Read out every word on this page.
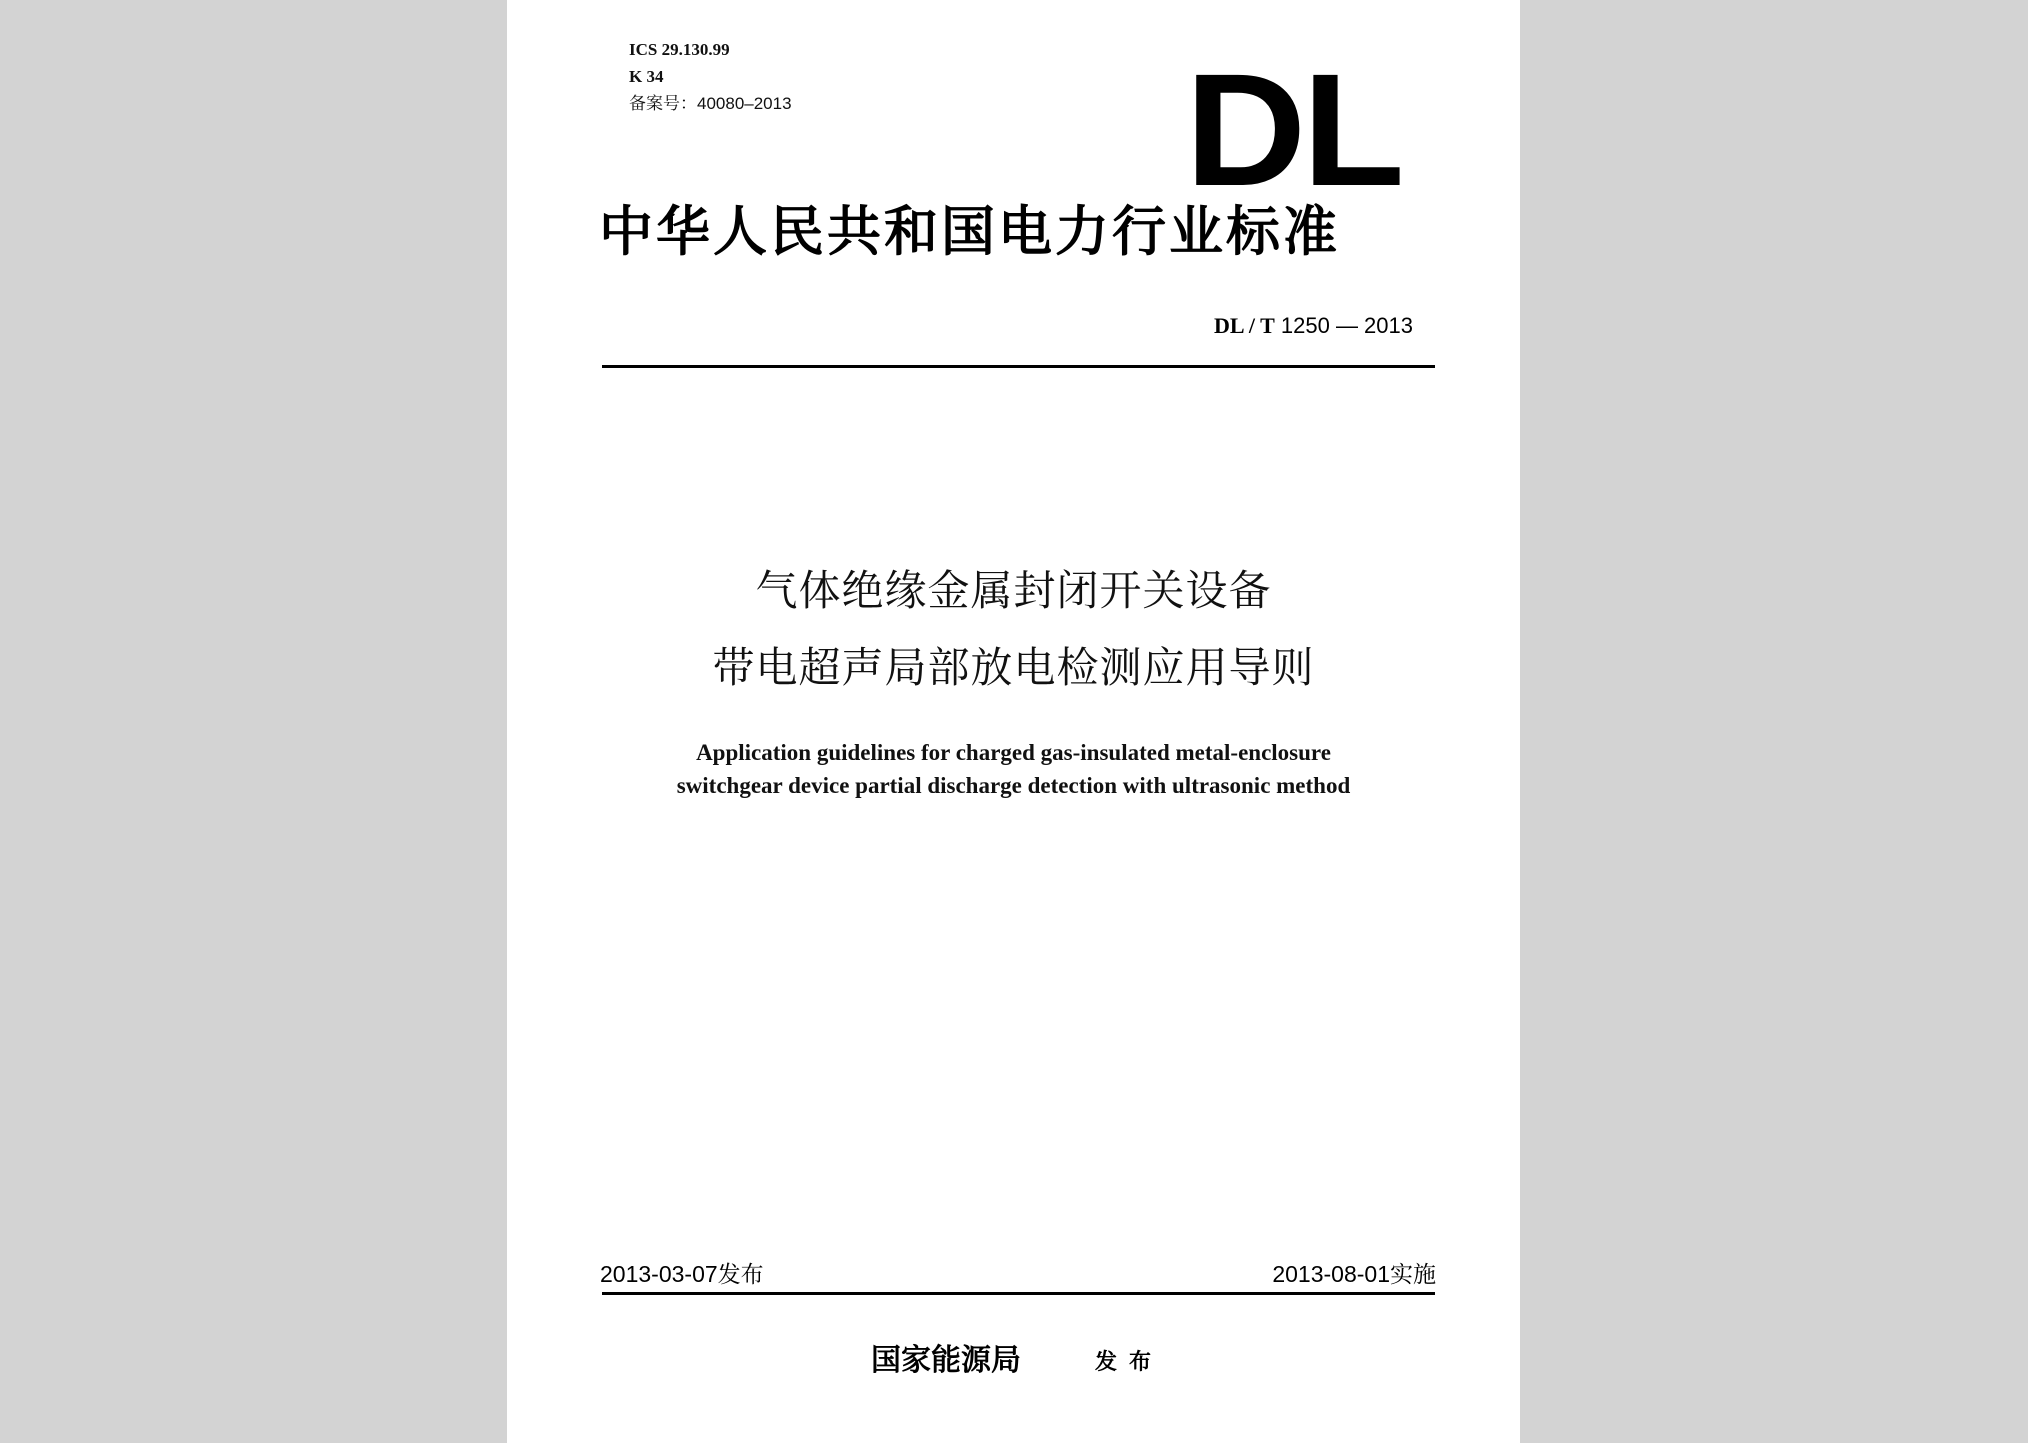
ICS 29.130.99
K 34
备案号：40080–2013 DL
中华人民共和国电力行业标准
DL / T 1250 — 2013
气体绝缘金属封闭开关设备
带电超声局部放电检测应用导则
Application guidelines for charged gas-insulated metal-enclosure
switchgear device partial discharge detection with ultrasonic method
2013-03-07发布	2013-08-01实施
国家能源局	发布
